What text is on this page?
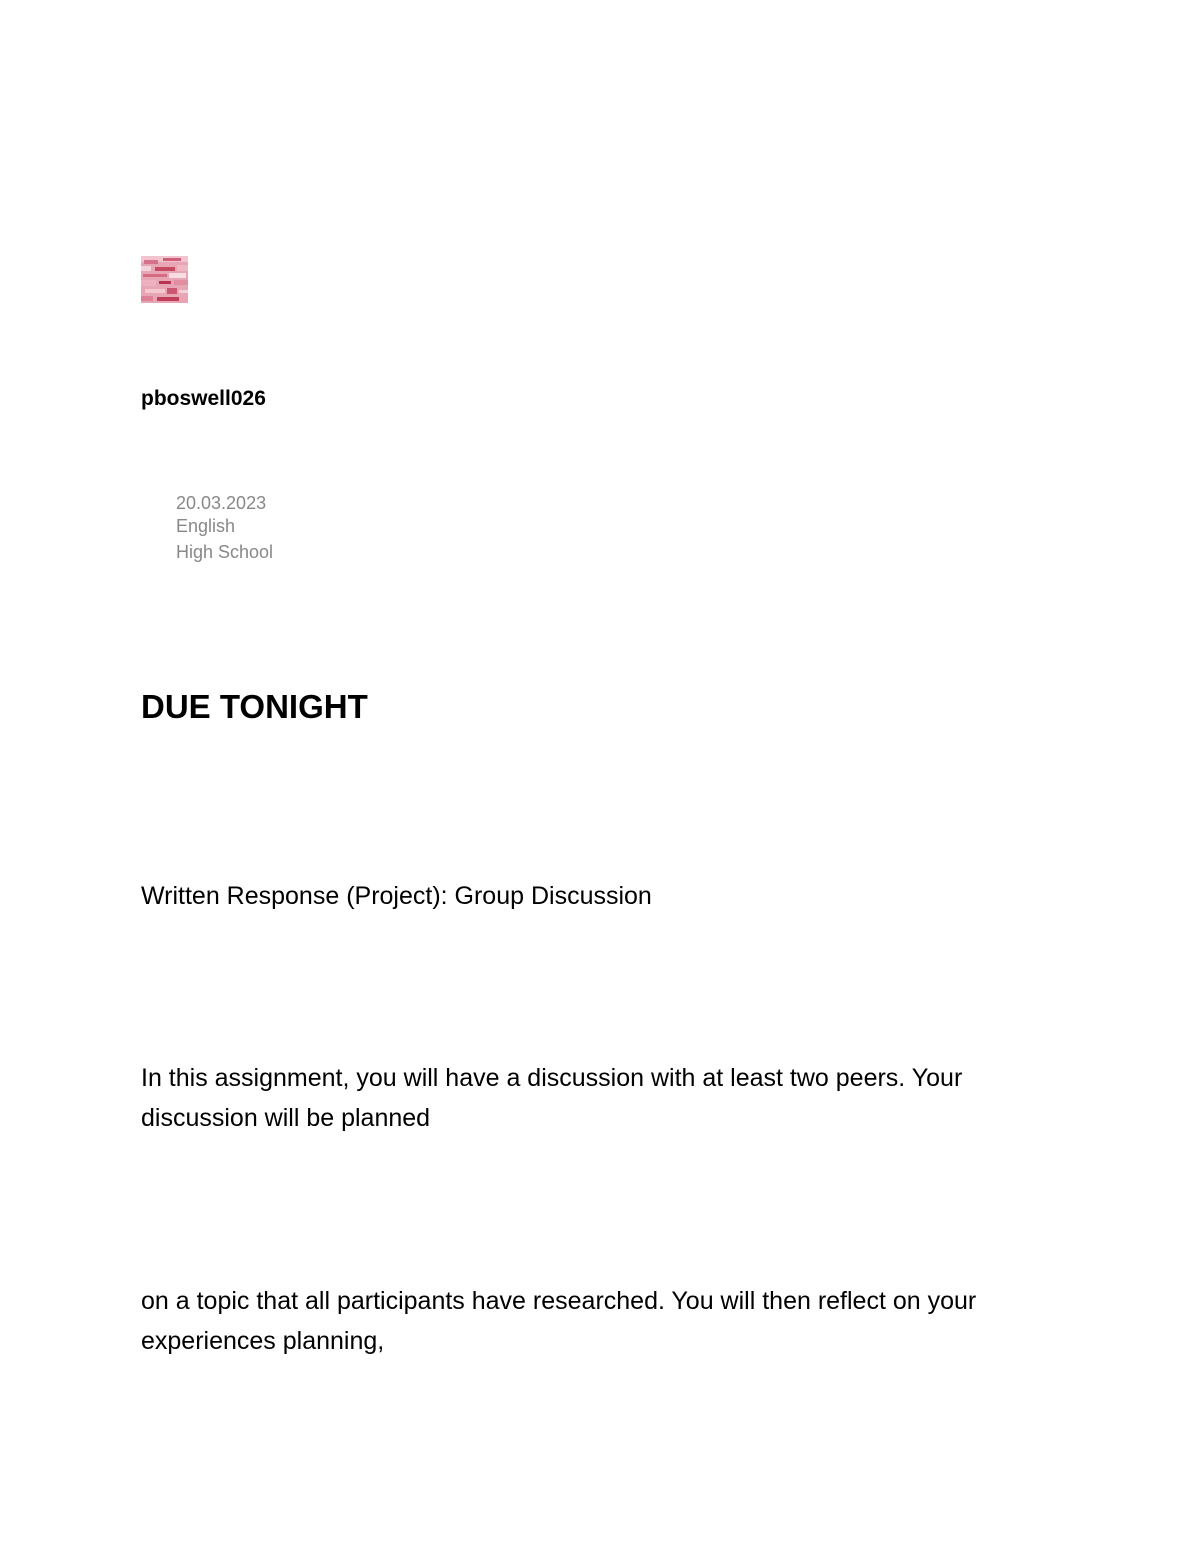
pboswell026
20.03.2023
English
High School
DUE TONIGHT
Written Response (Project): Group Discussion
In this assignment, you will have a discussion with at least two peers. Your
discussion will be planned
on a topic that all participants have researched. You will then reflect on your
experiences planning,
